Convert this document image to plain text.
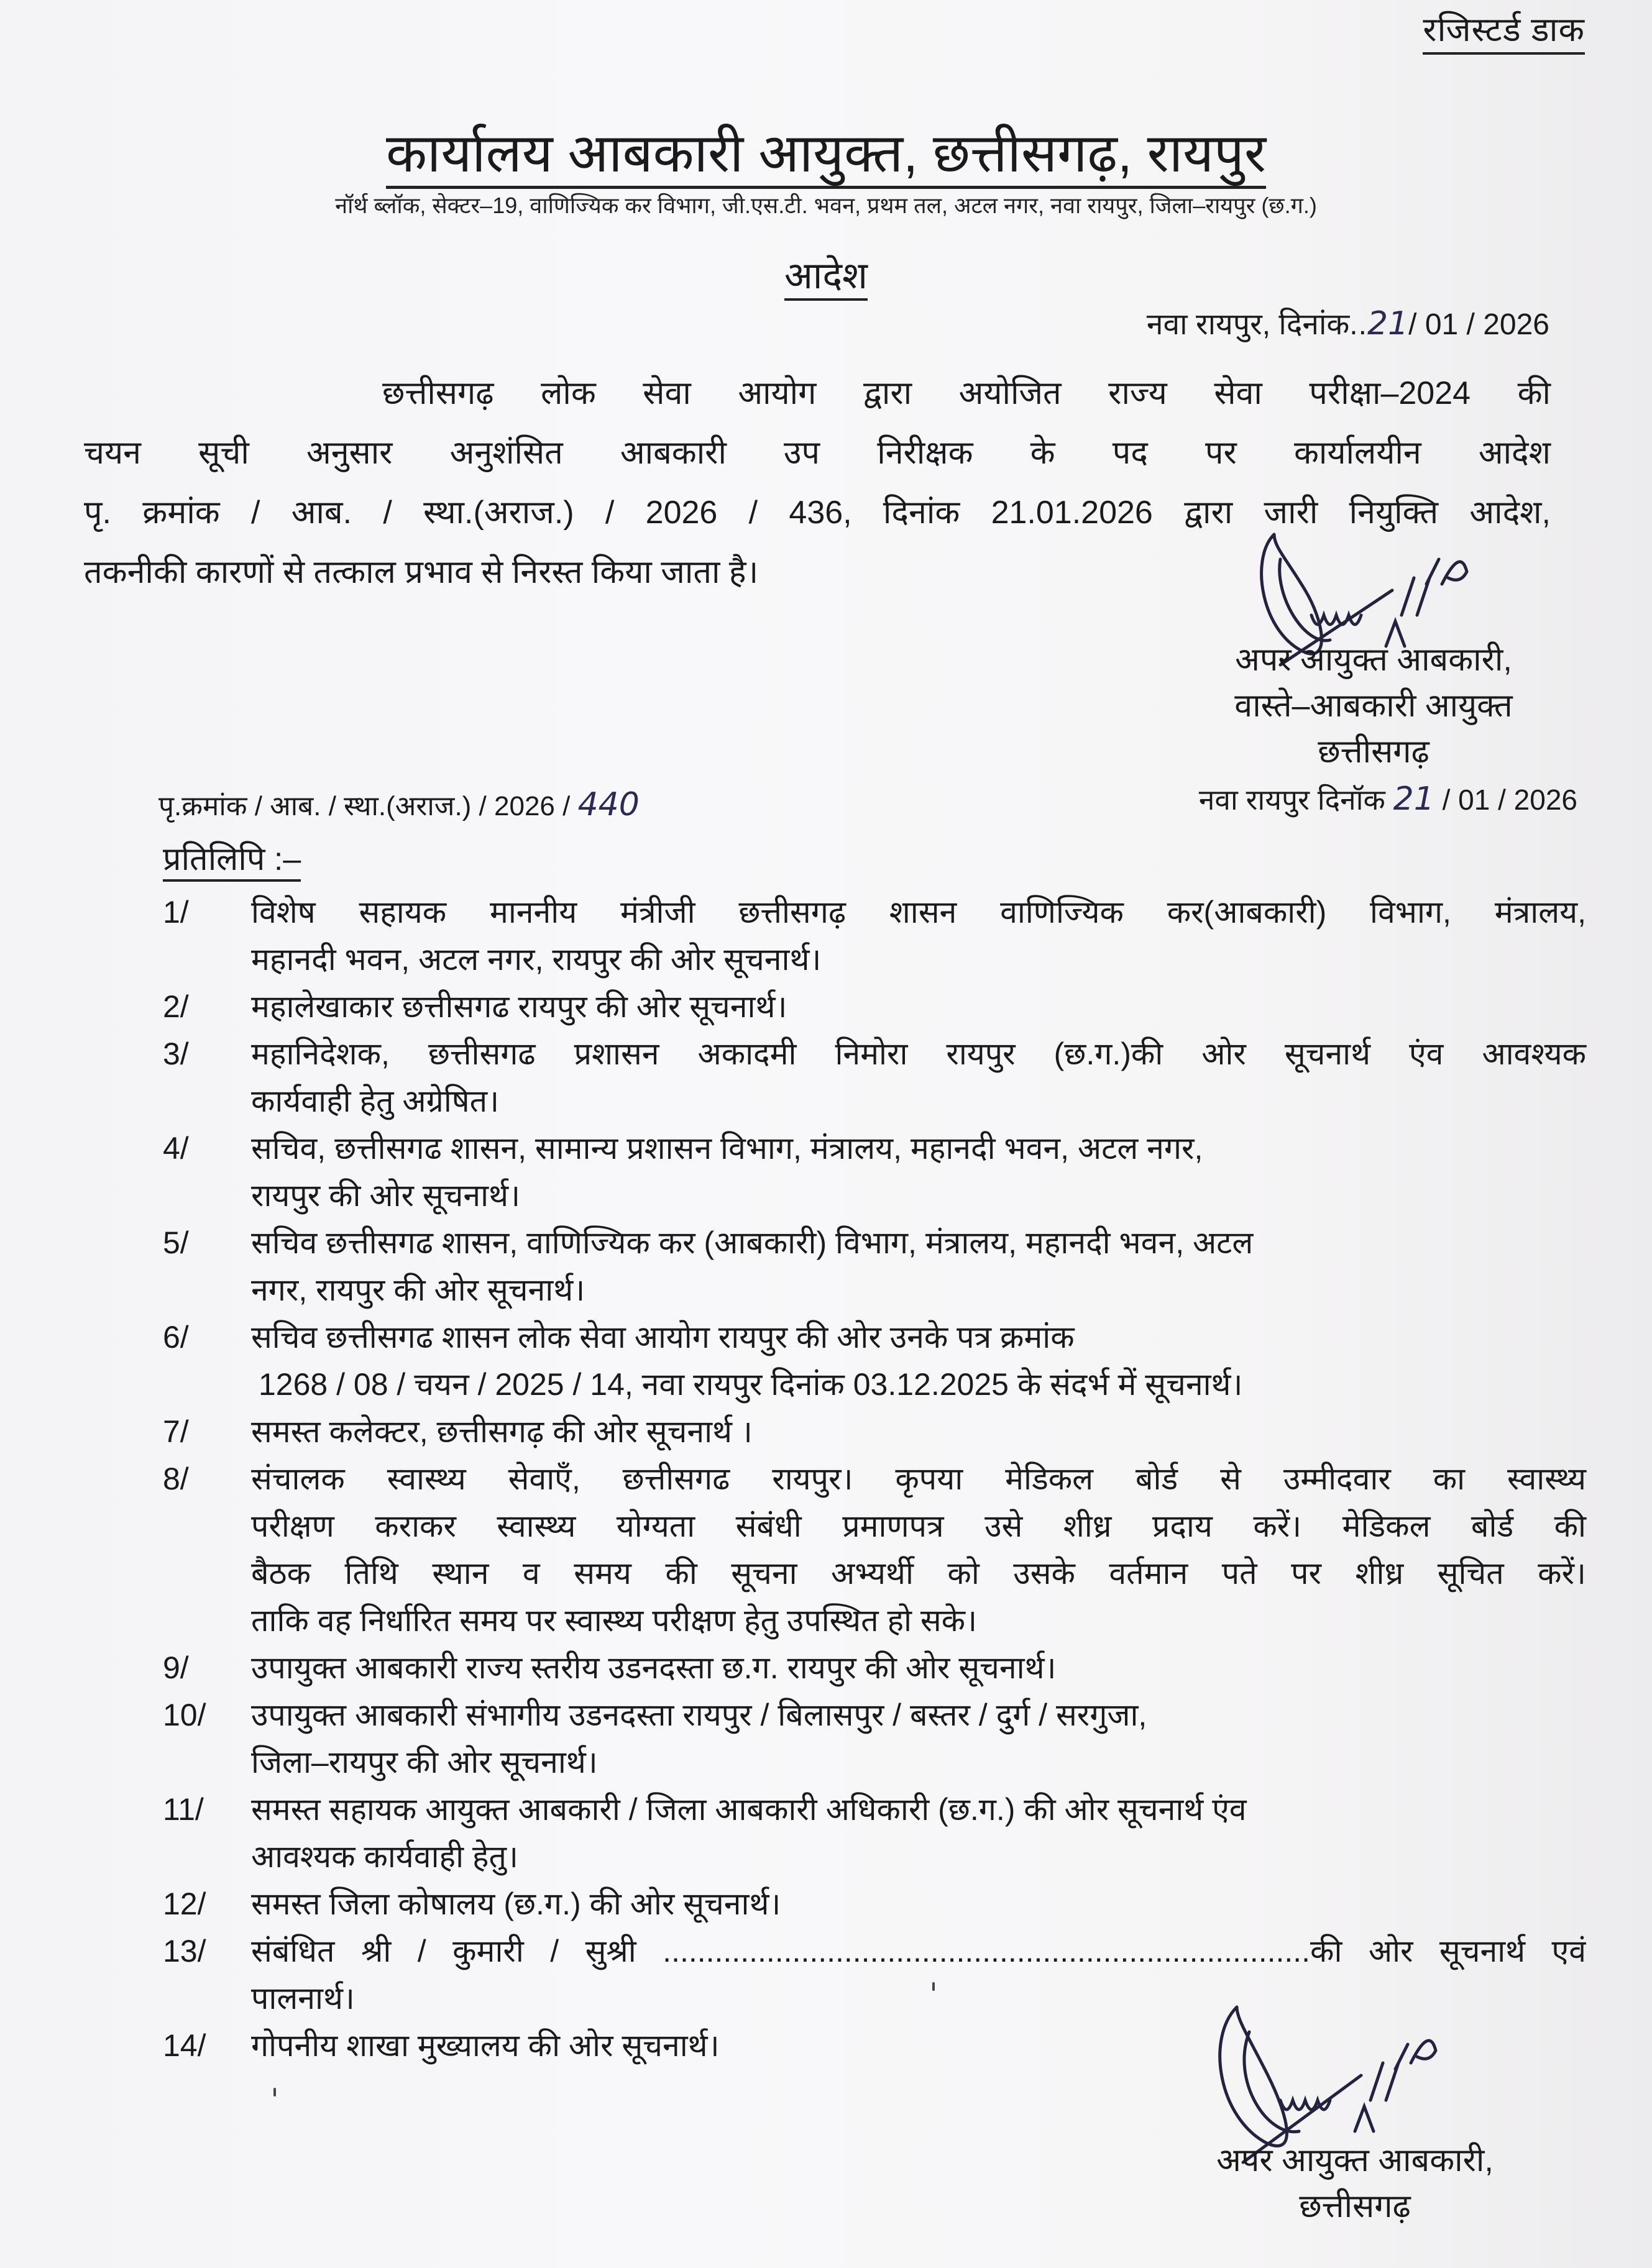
रजिस्टर्ड डाक
कार्यालय आबकारी आयुक्त, छत्तीसगढ़, रायपुर
नॉर्थ ब्लॉक, सेक्टर–19, वाणिज्यिक कर विभाग, जी.एस.टी. भवन, प्रथम तल, अटल नगर, नवा रायपुर, जिला–रायपुर (छ.ग.)
आदेश
नवा रायपुर, दिनांक..21/ 01 / 2026
छत्तीसगढ़ लोक सेवा आयोग द्वारा अयोजित राज्य सेवा परीक्षा–2024 की
चयन सूची अनुसार अनुशंसित आबकारी उप निरीक्षक के पद पर कार्यालयीन आदेश
पृ. क्रमांक / आब. / स्था.(अराज.) / 2026 / 436, दिनांक 21.01.2026 द्वारा जारी नियुक्ति आदेश,
तकनीकी कारणों से तत्काल प्रभाव से निरस्त किया जाता है।
अपर आयुक्त आबकारी,
वास्ते–आबकारी आयुक्त
छत्तीसगढ़
पृ.क्रमांक / आब. / स्था.(अराज.) / 2026 / 440	नवा रायपुर दिनॉक 21 / 01 / 2026
प्रतिलिपि :–
1/	विशेष सहायक माननीय मंत्रीजी छत्तीसगढ़ शासन वाणिज्यिक कर(आबकारी) विभाग, मंत्रालय,
महानदी भवन, अटल नगर, रायपुर की ओर सूचनार्थ।
2/	महालेखाकार छत्तीसगढ रायपुर की ओर सूचनार्थ।
3/	महानिदेशक, छत्तीसगढ प्रशासन अकादमी निमोरा रायपुर (छ.ग.)की ओर सूचनार्थ एंव आवश्यक
कार्यवाही हेतु अग्रेषित।
4/	सचिव, छत्तीसगढ शासन, सामान्य प्रशासन विभाग, मंत्रालय, महानदी भवन, अटल नगर,
रायपुर की ओर सूचनार्थ।
5/	सचिव छत्तीसगढ शासन, वाणिज्यिक कर (आबकारी) विभाग, मंत्रालय, महानदी भवन, अटल
नगर, रायपुर की ओर सूचनार्थ।
6/	सचिव छत्तीसगढ शासन लोक सेवा आयोग रायपुर की ओर उनके पत्र क्रमांक
1268 / 08 / चयन / 2025 / 14, नवा रायपुर दिनांक 03.12.2025 के संदर्भ में सूचनार्थ।
7/	समस्त कलेक्टर, छत्तीसगढ़ की ओर सूचनार्थ ।
8/	संचालक स्वास्थ्य सेवाएँ, छत्तीसगढ रायपुर। कृपया मेडिकल बोर्ड से उम्मीदवार का स्वास्थ्य
परीक्षण कराकर स्वास्थ्य योग्यता संबंधी प्रमाणपत्र उसे शीध्र प्रदाय करें। मेडिकल बोर्ड की
बैठक तिथि स्थान व समय की सूचना अभ्यर्थी को उसके वर्तमान पते पर शीध्र सूचित करें।
ताकि वह निर्धारित समय पर स्वास्थ्य परीक्षण हेतु उपस्थित हो सके।
9/	उपायुक्त आबकारी राज्य स्तरीय उडनदस्ता छ.ग. रायपुर की ओर सूचनार्थ।
10/	उपायुक्त आबकारी संभागीय उडनदस्ता रायपुर / बिलासपुर / बस्तर / दुर्ग / सरगुजा,
जिला–रायपुर की ओर सूचनार्थ।
11/	समस्त सहायक आयुक्त आबकारी / जिला आबकारी अधिकारी (छ.ग.) की ओर सूचनार्थ एंव
आवश्यक कार्यवाही हेतु।
12/	समस्त जिला कोषालय (छ.ग.) की ओर सूचनार्थ।
13/	संबंधित श्री / कुमारी / सुश्री ...........................................................................की ओर सूचनार्थ एवं
पालनार्थ।
14/	गोपनीय शाखा मुख्यालय की ओर सूचनार्थ।
अपर आयुक्त आबकारी,
छत्तीसगढ़
